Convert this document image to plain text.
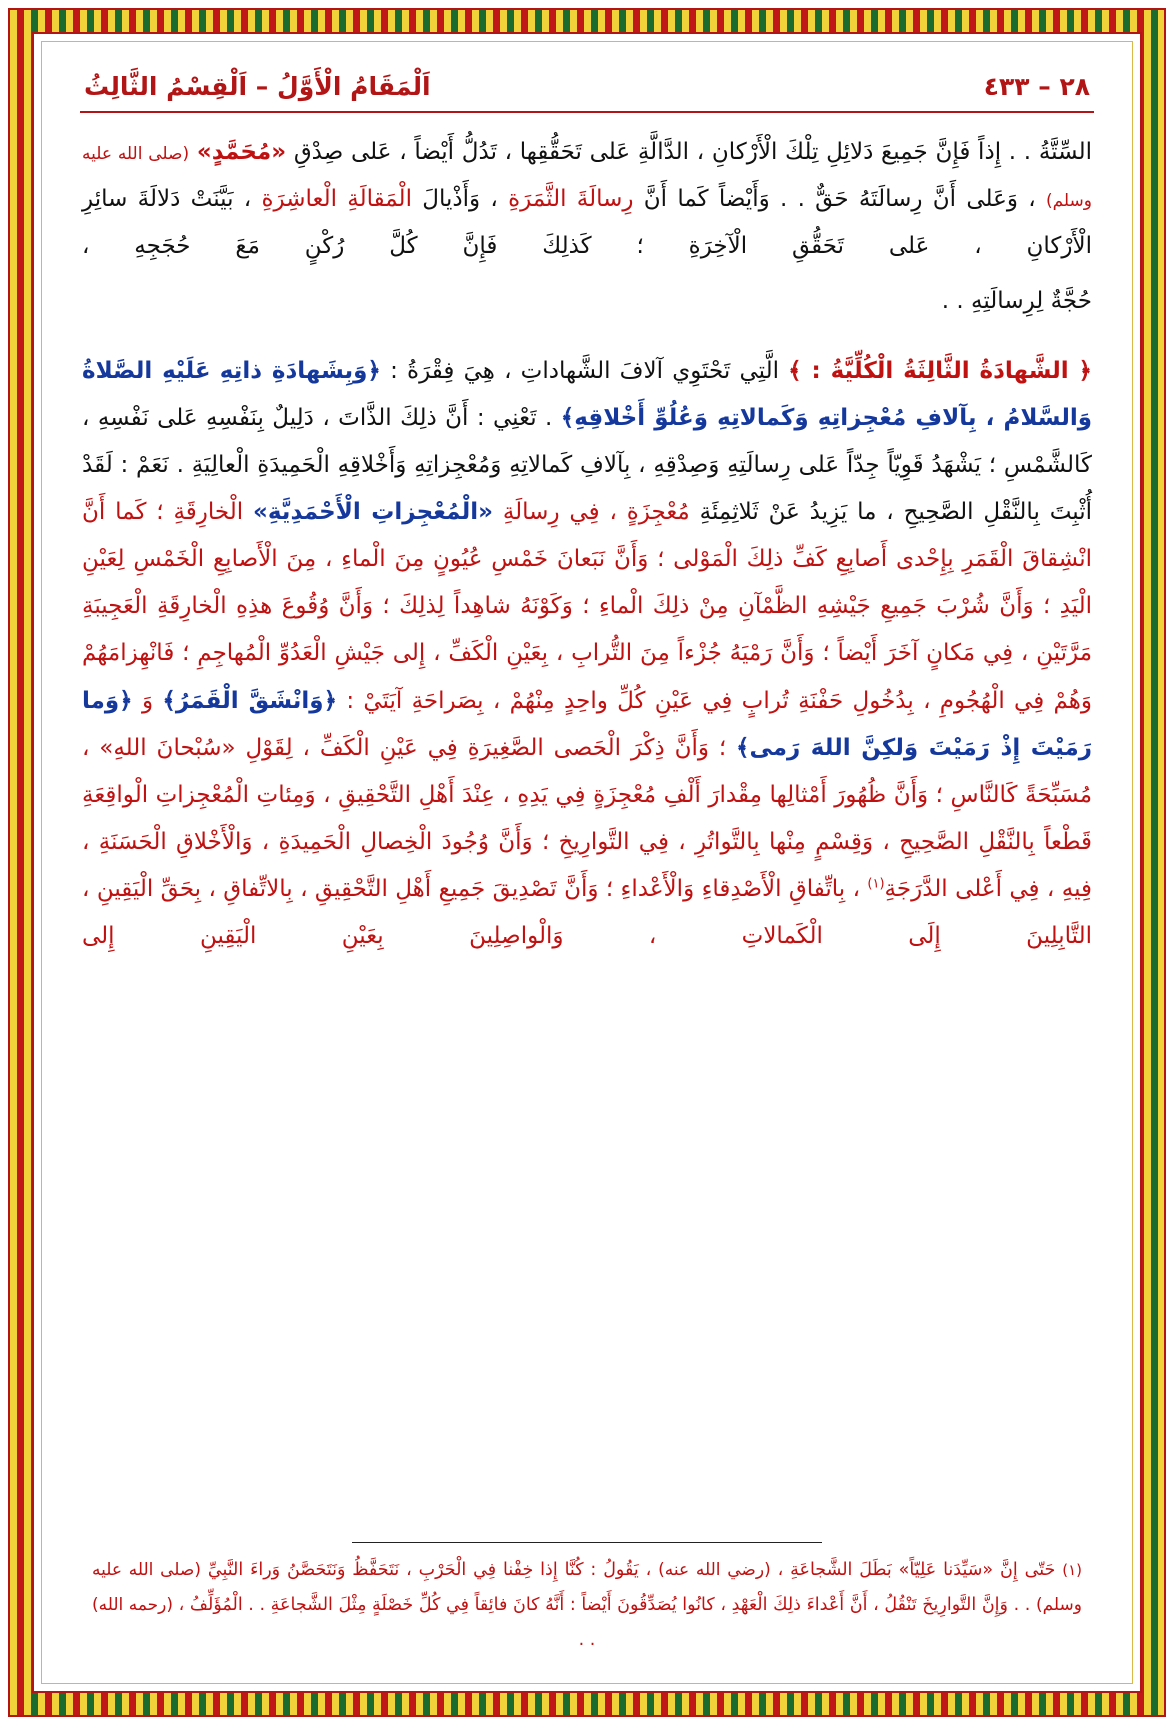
اَلْمَقَامُ الْأَوَّلُ – اَلْقِسْمُ الثَّالِثُ	٢٨ – ٤٣٣

السِّتَّةُ . . إِذاً فَإِنَّ جَمِيعَ دَلائِلِ تِلْكَ الْأَرْكانِ ، الدَّالَّةِ عَلى تَحَقُّقِها ، تَدُلُّ أَيْضاً ، عَلى صِدْقِ «مُحَمَّدٍ» (صلى الله عليه وسلم) ، وَعَلى أَنَّ رِسالَتَهُ حَقٌّ . . وَأَيْضاً كَما أَنَّ رِسالَةَ الثَّمَرَةِ ، وَأَذْيالَ الْمَقالَةِ الْعاشِرَةِ ، بَيَّنَتْ دَلالَةَ سائِرِ الْأَرْكانِ ، عَلى تَحَقُّقِ الْآخِرَةِ ؛ كَذلِكَ فَإِنَّ كُلَّ رُكْنٍ مَعَ حُجَجِهِ ،

حُجَّةٌ لِرِسالَتِهِ . .

﴿ الشَّهادَةُ الثَّالِثَةُ الْكُلِّيَّةُ : ﴾ الَّتِي تَحْتَوِي آلافَ الشَّهاداتِ ، هِيَ فِقْرَةُ : ﴿وَبِشَهادَةِ ذاتِهِ عَلَيْهِ الصَّلاةُ وَالسَّلامُ ، بِآلافِ مُعْجِزاتِهِ وَكَمالاتِهِ وَعُلُوِّ أَخْلاقِهِ﴾ . تَعْنِي : أَنَّ ذلِكَ الذَّاتَ ، دَلِيلٌ بِنَفْسِهِ عَلى نَفْسِهِ ، كَالشَّمْسِ ؛ يَشْهَدُ قَوِيّاً جِدّاً عَلى رِسالَتِهِ وَصِدْقِهِ ، بِآلافِ كَمالاتِهِ وَمُعْجِزاتِهِ وَأَخْلاقِهِ الْحَمِيدَةِ الْعالِيَةِ . نَعَمْ : لَقَدْ أُثْبِتَ بِالنَّقْلِ الصَّحِيحِ ، ما يَزِيدُ عَنْ ثَلاثِمِئَةِ مُعْجِزَةٍ ، فِي رِسالَةِ «الْمُعْجِزاتِ الْأَحْمَدِيَّةِ» الْخارِقَةِ ؛ كَما أَنَّ انْشِقاقَ الْقَمَرِ بِإِحْدى أَصابِعِ كَفِّ ذلِكَ الْمَوْلى ؛ وَأَنَّ نَبَعانَ خَمْسِ عُيُونٍ مِنَ الْماءِ ، مِنَ الْأَصابِعِ الْخَمْسِ لِعَيْنِ الْيَدِ ؛ وَأَنَّ شُرْبَ جَمِيعِ جَيْشِهِ الظَّمْآنِ مِنْ ذلِكَ الْماءِ ؛ وَكَوْنَهُ شاهِداً لِذلِكَ ؛ وَأَنَّ وُقُوعَ هذِهِ الْخارِقَةِ الْعَجِيبَةِ مَرَّتَيْنِ ، فِي مَكانٍ آخَرَ أَيْضاً ؛ وَأَنَّ رَمْيَهُ جُزْءاً مِنَ التُّرابِ ، بِعَيْنِ الْكَفِّ ، إِلى جَيْشِ الْعَدُوِّ الْمُهاجِمِ ؛ فَانْهِزامَهُمْ وَهُمْ فِي الْهُجُومِ ، بِدُخُولِ حَفْنَةِ تُرابٍ فِي عَيْنِ كُلِّ واحِدٍ مِنْهُمْ ، بِصَراحَةِ آيَتَيْ : ﴿وَانْشَقَّ الْقَمَرُ﴾ وَ ﴿وَما رَمَيْتَ إِذْ رَمَيْتَ وَلكِنَّ اللهَ رَمى﴾ ؛ وَأَنَّ ذِكْرَ الْحَصى الصَّغِيرَةِ فِي عَيْنِ الْكَفِّ ، لِقَوْلِ «سُبْحانَ اللهِ» ، مُسَبِّحَةً كَالنَّاسِ ؛ وَأَنَّ ظُهُورَ أَمْثالِها مِقْدارَ أَلْفِ مُعْجِزَةٍ فِي يَدِهِ ، عِنْدَ أَهْلِ التَّحْقِيقِ ، وَمِئاتِ الْمُعْجِزاتِ الْواقِعَةِ قَطْعاً بِالنَّقْلِ الصَّحِيحِ ، وَقِسْمٍ مِنْها بِالتَّواتُرِ ، فِي التَّوارِيخِ ؛ وَأَنَّ وُجُودَ الْخِصالِ الْحَمِيدَةِ ، وَالْأَخْلاقِ الْحَسَنَةِ ، فِيهِ ، فِي أَعْلى الدَّرَجَةِ$^{(١)}$ ، بِاتِّفاقِ الْأَصْدِقاءِ وَالْأَعْداءِ ؛ وَأَنَّ تَصْدِيقَ جَمِيعِ أَهْلِ التَّحْقِيقِ ، بِالاتِّفاقِ ، بِحَقِّ الْيَقِينِ ، التَّابِلِينَ إِلَى الْكَمالاتِ ، وَالْواصِلِينَ بِعَيْنِ الْيَقِينِ إِلى

(١) حَتّى إِنَّ «سَيِّدَنا عَلِيّاً» بَطَلَ الشَّجاعَةِ ، (رضي الله عنه) ، يَقُولُ : كُنَّا إِذا خِفْنا فِي الْحَرْبِ ، نَتَحَفَّظُ وَنَتَحَصَّنُ وَراءَ النَّبِيِّ (صلى الله عليه وسلم) . . وَإِنَّ التَّوارِيخَ تَنْقُلُ ، أَنَّ أَعْداءَ ذلِكَ الْعَهْدِ ، كانُوا يُصَدِّقُونَ أَيْضاً : أَنَّهُ كانَ فائِقاً فِي كُلِّ خَصْلَةٍ مِثْلَ الشَّجاعَةِ . . الْمُؤَلِّفُ ، (رحمه الله) . .
